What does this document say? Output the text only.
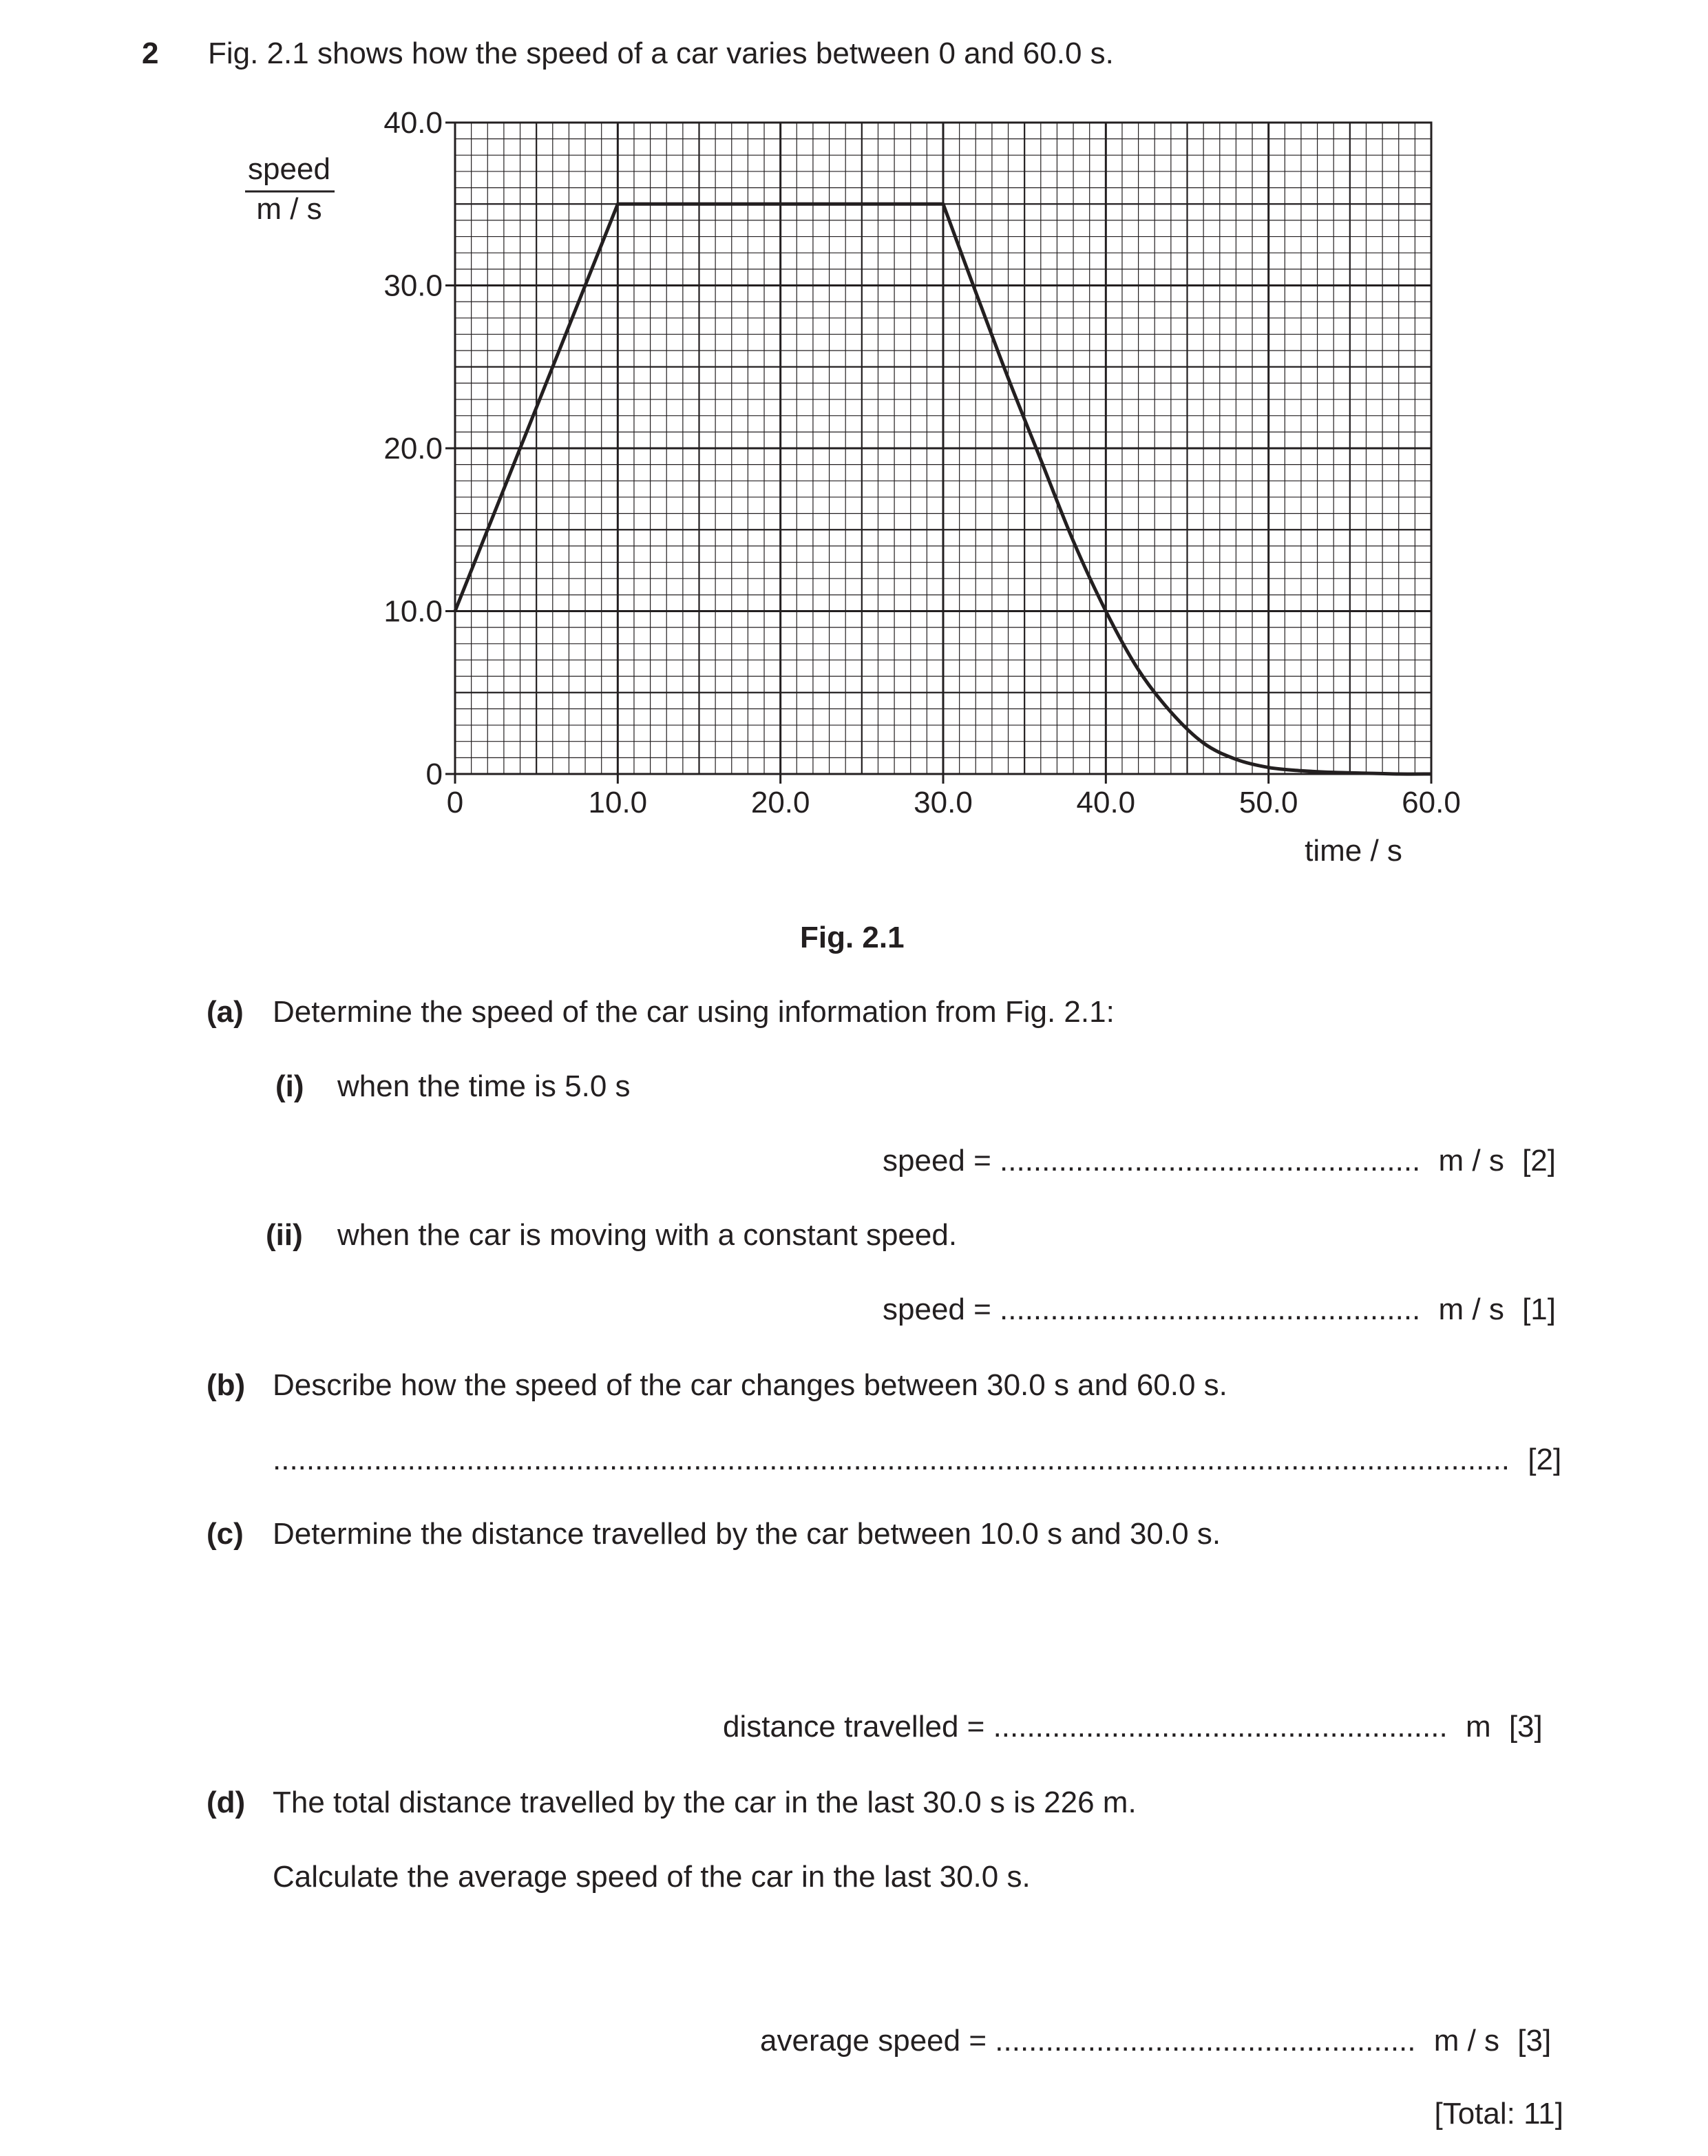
2 Fig. 2.1 shows how the speed of a car varies between 0 and 60.0 s.
0
10.0
20.0
30.0
40.0
0	10.0	20.0	30.0	40.0	50.0	60.0
speed
m / s
time / s
Fig. 2.1
(a) Determine the speed of the car using information from Fig. 2.1:
(i) when the time is 5.0 s
speed = .................................................. m / s [2]
(ii) when the car is moving with a constant speed.
speed = .................................................. m / s [1]
(b) Describe how the speed of the car changes between 30.0 s and 60.0 s.
................................................................................................................................................... [2]
(c) Determine the distance travelled by the car between 10.0 s and 30.0 s.
distance travelled = ...................................................... m [3]
(d) The total distance travelled by the car in the last 30.0 s is 226 m.
Calculate the average speed of the car in the last 30.0 s.
average speed = .................................................. m / s [3]
[Total: 11]
